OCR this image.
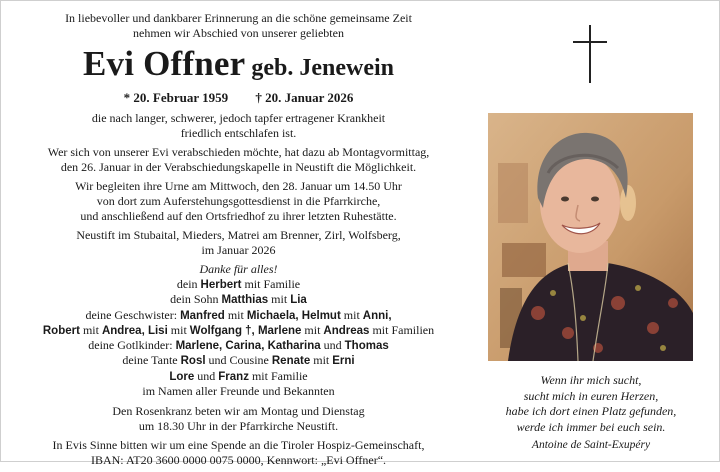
In liebevoller und dankbarer Erinnerung an die schöne gemeinsame Zeit
nehmen wir Abschied von unserer geliebten

Evi Offner geb. Jenewein

* 20. Februar 1959 † 20. Januar 2026

die nach langer, schwerer, jedoch tapfer ertragener Krankheit
friedlich entschlafen ist.

Wer sich von unserer Evi verabschieden möchte, hat dazu ab Montagvormittag,
den 26. Januar in der Verabschiedungskapelle in Neustift die Möglichkeit.

Wir begleiten ihre Urne am Mittwoch, den 28. Januar um 14.50 Uhr
von dort zum Auferstehungsgottesdienst in die Pfarrkirche,
und anschließend auf den Ortsfriedhof zu ihrer letzten Ruhestätte.

Neustift im Stubaital, Mieders, Matrei am Brenner, Zirl, Wolfsberg,
im Januar 2026

Danke für alles!

dein Herbert mit Familie
dein Sohn Matthias mit Lia
deine Geschwister: Manfred mit Michaela, Helmut mit Anni,
Robert mit Andrea, Lisi mit Wolfgang †, Marlene mit Andreas mit Familien
deine Gotlkinder: Marlene, Carina, Katharina und Thomas
deine Tante Rosl und Cousine Renate mit Erni
Lore und Franz mit Familie
im Namen aller Freunde und Bekannten

Den Rosenkranz beten wir am Montag und Dienstag
um 18.30 Uhr in der Pfarrkirche Neustift.

In Evis Sinne bitten wir um eine Spende an die Tiroler Hospiz-Gemeinschaft,
IBAN: AT20 3600 0000 0075 0000, Kennwort: „Evi Offner“.

Wenn ihr mich sucht,
sucht mich in euren Herzen,
habe ich dort einen Platz gefunden,
werde ich immer bei euch sein.
Antoine de Saint-Exupéry
